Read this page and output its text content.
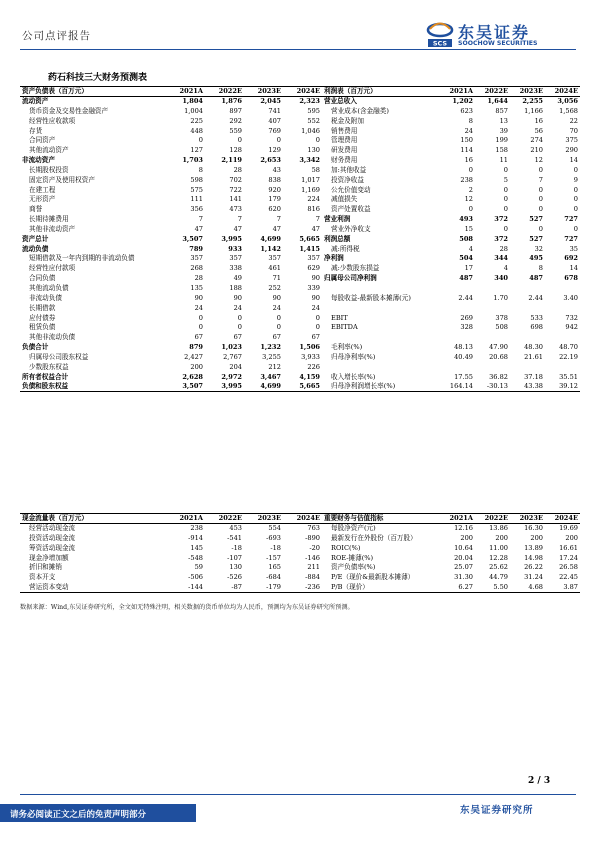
公司点评报告
SCS
东吴证券
SOOCHOW SECURITIES
药石科技三大财务预测表
资产负债表（百万元）	2021A	2022E	2023E	2024E
流动资产	1,804	1,876	2,045	2,323
货币资金及交易性金融资产	1,004	897	741	595
经营性应收款项	225	292	407	552
存货	448	559	769	1,046
合同资产	0	0	0	0
其他流动资产	127	128	129	130
非流动资产	1,703	2,119	2,653	3,342
长期股权投资	8	28	43	58
固定资产及使用权资产	598	702	838	1,017
在建工程	575	722	920	1,169
无形资产	111	141	179	224
商誉	356	473	620	816
长期待摊费用	7	7	7	7
其他非流动资产	47	47	47	47
资产总计	3,507	3,995	4,699	5,665
流动负债	789	933	1,142	1,415
短期借款及一年内到期的非流动负债	357	357	357	357
经营性应付款项	268	338	461	629
合同负债	28	49	71	90
其他流动负债	135	188	252	339
非流动负债	90	90	90	90
长期借款	24	24	24	24
应付债券	0	0	0	0
租赁负债	0	0	0	0
其他非流动负债	67	67	67	67
负债合计	879	1,023	1,232	1,506
归属母公司股东权益	2,427	2,767	3,255	3,933
少数股东权益	200	204	212	226
所有者权益合计	2,628	2,972	3,467	4,159
负债和股东权益	3,507	3,995	4,699	5,665
利润表（百万元）	2021A	2022E	2023E	2024E
营业总收入	1,202	1,644	2,255	3,056
营业成本(含金融类)	623	857	1,166	1,568
税金及附加	8	13	16	22
销售费用	24	39	56	70
管理费用	150	199	274	375
研发费用	114	158	210	290
财务费用	16	11	12	14
加:其他收益	0	0	0	0
投资净收益	238	5	7	9
公允价值变动	2	0	0	0
减值损失	12	0	0	0
资产处置收益	0	0	0	0
营业利润	493	372	527	727
营业外净收支	15	0	0	0
利润总额	508	372	527	727
减:所得税	4	28	32	35
净利润	504	344	495	692
减:少数股东损益	17	4	8	14
归属母公司净利润	487	340	487	678

每股收益-最新股本摊薄(元)	2.44	1.70	2.44	3.40

EBIT	269	378	533	732
EBITDA	328	508	698	942

毛利率(%)	48.13	47.90	48.30	48.70
归母净利率(%)	40.49	20.68	21.61	22.19

收入增长率(%)	17.55	36.82	37.18	35.51
归母净利润增长率(%)	164.14	-30.13	43.38	39.12
现金流量表（百万元）	2021A	2022E	2023E	2024E
经营活动现金流	238	453	554	763
投资活动现金流	-914	-541	-693	-890
筹资活动现金流	145	-18	-18	-20
现金净增加额	-548	-107	-157	-146
折旧和摊销	59	130	165	211
资本开支	-506	-526	-684	-884
营运资本变动	-144	-87	-179	-236
重要财务与估值指标	2021A	2022E	2023E	2024E
每股净资产(元)	12.16	13.86	16.30	19.69
最新发行在外股份（百万股）	200	200	200	200
ROIC(%)	10.64	11.00	13.89	16.61
ROE-摊薄(%)	20.04	12.28	14.98	17.24
资产负债率(%)	25.07	25.62	26.22	26.58
P/E（现价&最新股本摊薄）	31.30	44.79	31.24	22.45
P/B（现价）	6.27	5.50	4.68	3.87
数据来源：Wind,东吴证券研究所，全文如无特殊注明，相关数据的货币单位均为人民币，预测均为东吴证券研究所预测。
2 / 3
请务必阅读正文之后的免责声明部分	东吴证券研究所
